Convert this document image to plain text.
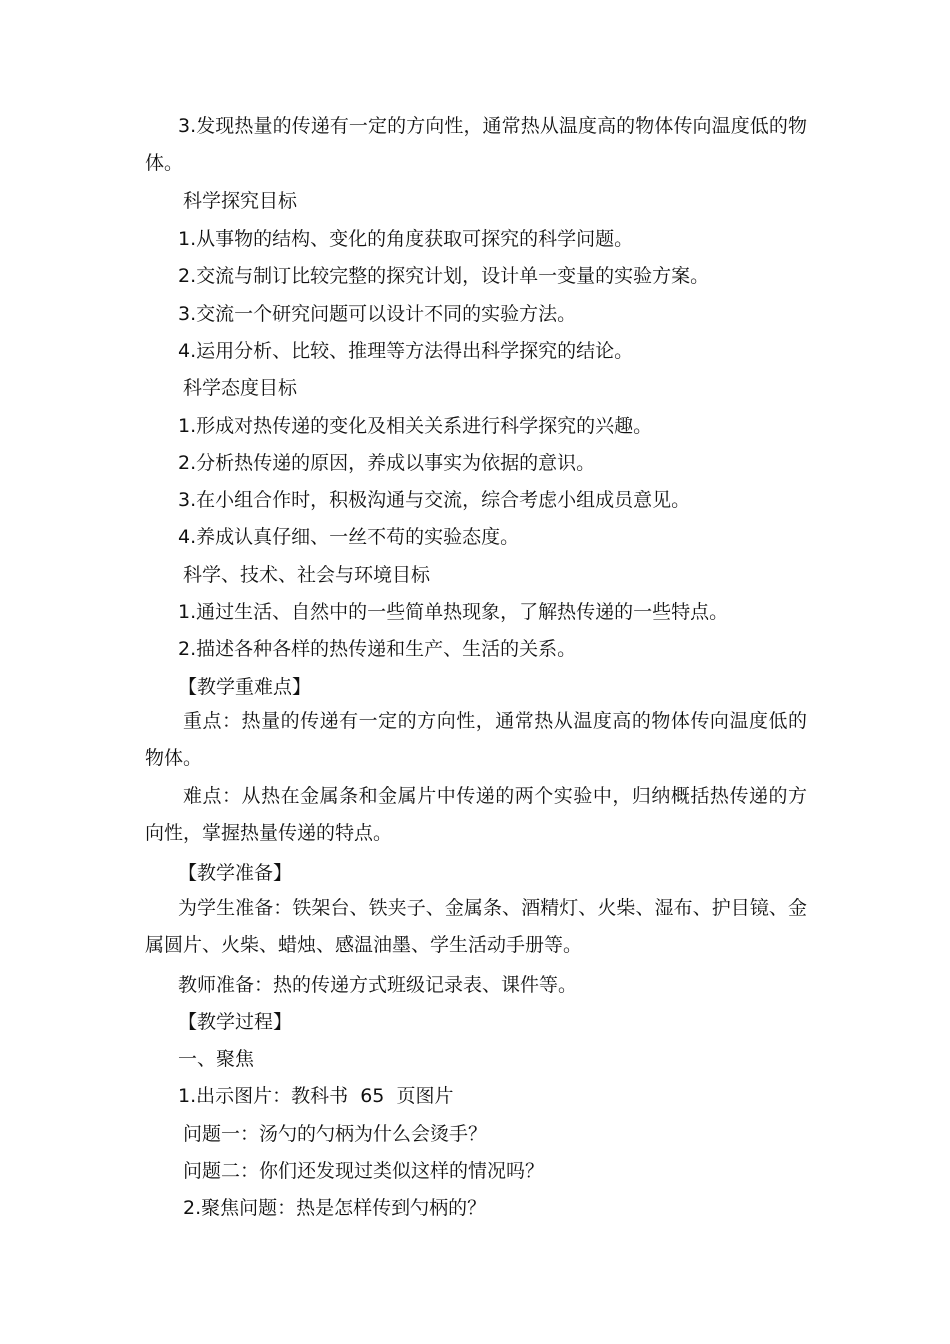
3.发现热量的传递有一定的方向性，通常热从温度高的物体传向温度低的物体。
科学探究目标
1.从事物的结构、变化的角度获取可探究的科学问题。
2.交流与制订比较完整的探究计划，设计单一变量的实验方案。
3.交流一个研究问题可以设计不同的实验方法。
4.运用分析、比较、推理等方法得出科学探究的结论。
科学态度目标
1.形成对热传递的变化及相关关系进行科学探究的兴趣。
2.分析热传递的原因，养成以事实为依据的意识。
3.在小组合作时，积极沟通与交流，综合考虑小组成员意见。
4.养成认真仔细、一丝不苟的实验态度。
科学、技术、社会与环境目标
1.通过生活、自然中的一些简单热现象，了解热传递的一些特点。
2.描述各种各样的热传递和生产、生活的关系。
【教学重难点】
重点：热量的传递有一定的方向性，通常热从温度高的物体传向温度低的物体。
难点：从热在金属条和金属片中传递的两个实验中，归纳概括热传递的方向性，掌握热量传递的特点。
【教学准备】
为学生准备：铁架台、铁夹子、金属条、酒精灯、火柴、湿布、护目镜、金属圆片、火柴、蜡烛、感温油墨、学生活动手册等。
教师准备：热的传递方式班级记录表、课件等。
【教学过程】
一、聚焦
1.出示图片：教科书  65  页图片
问题一：汤勺的勺柄为什么会烫手？
问题二：你们还发现过类似这样的情况吗？
2.聚焦问题：热是怎样传到勺柄的？
